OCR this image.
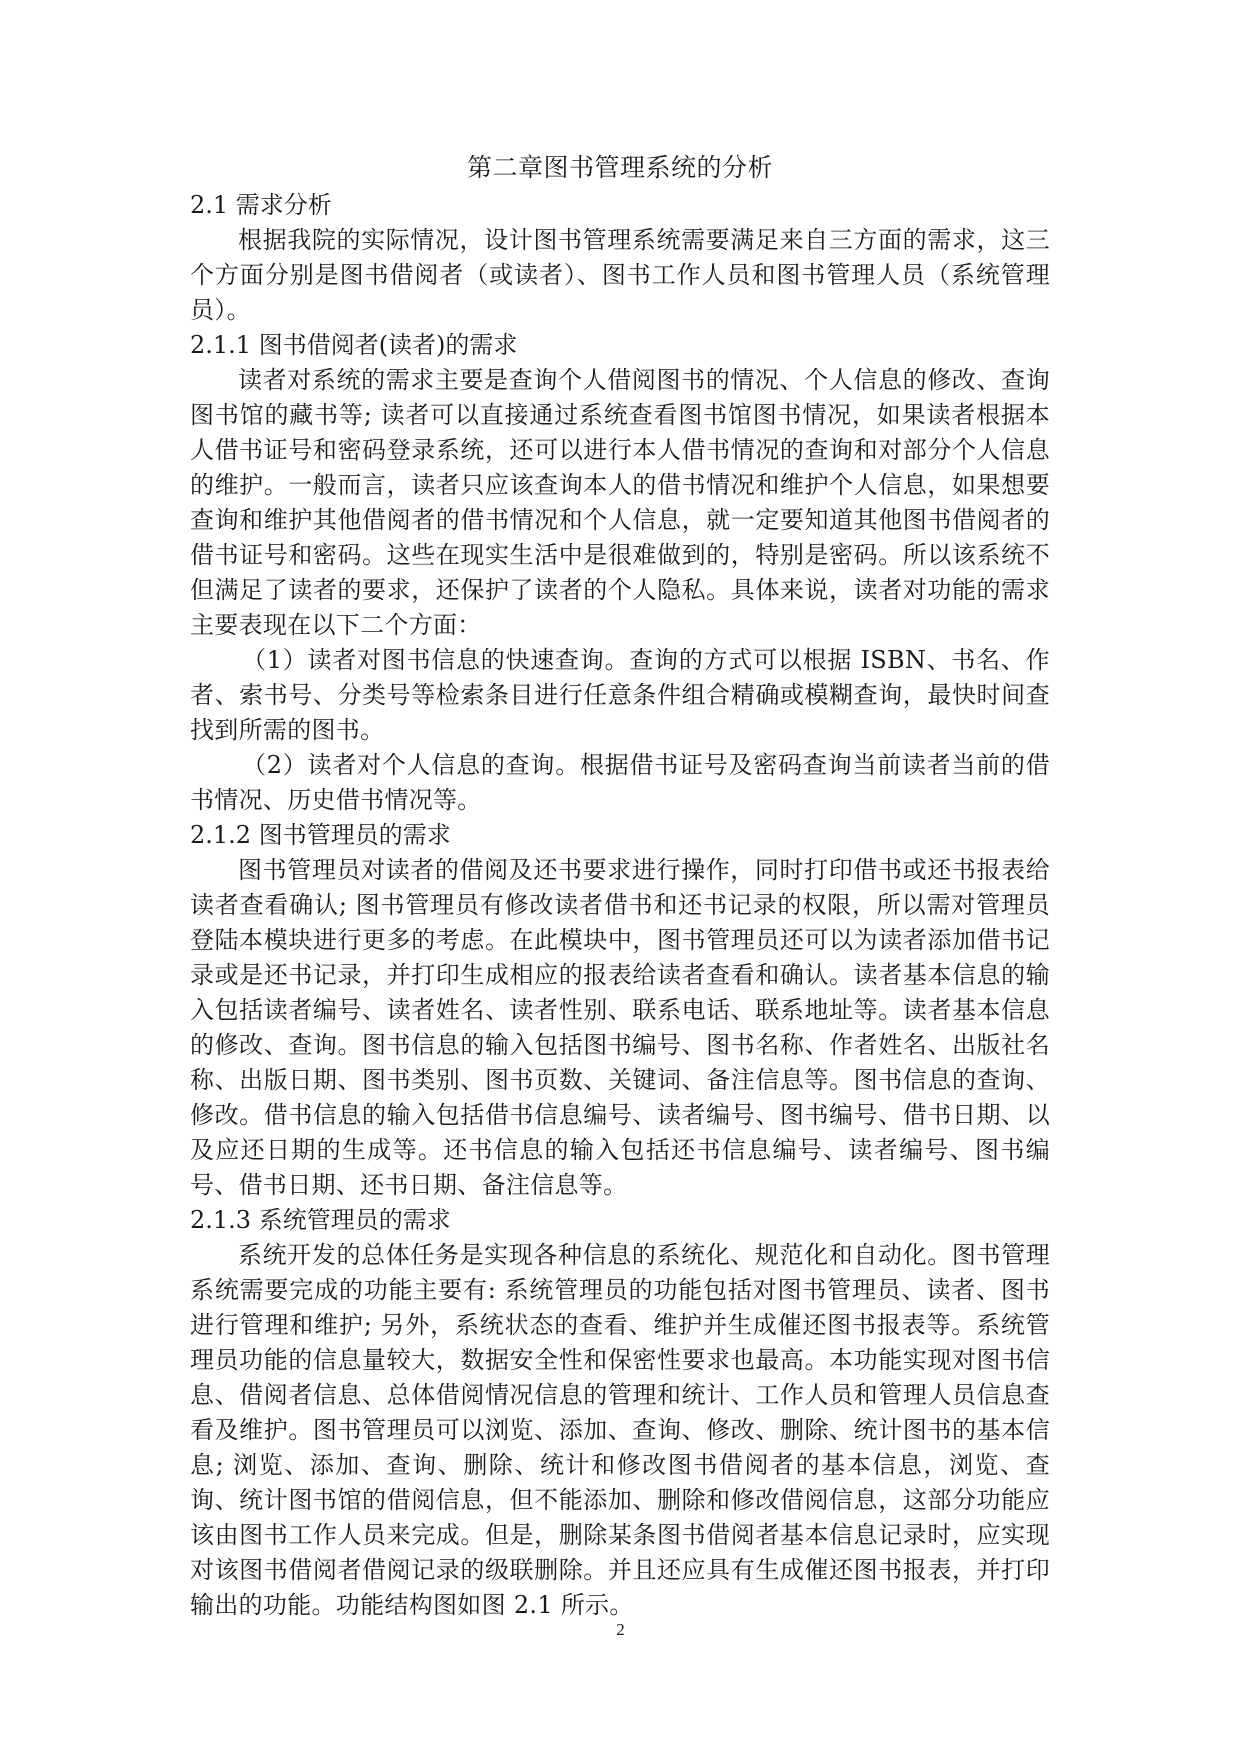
第二章图书管理系统的分析

2.1 需求分析

根据我院的实际情况，设计图书管理系统需要满足来自三方面的需求，这三个方面分别是图书借阅者（或读者）、图书工作人员和图书管理人员（系统管理员）。

2.1.1 图书借阅者(读者)的需求

读者对系统的需求主要是查询个人借阅图书的情况、个人信息的修改、查询图书馆的藏书等; 读者可以直接通过系统查看图书馆图书情况，如果读者根据本人借书证号和密码登录系统，还可以进行本人借书情况的查询和对部分个人信息的维护。一般而言，读者只应该查询本人的借书情况和维护个人信息，如果想要查询和维护其他借阅者的借书情况和个人信息，就一定要知道其他图书借阅者的借书证号和密码。这些在现实生活中是很难做到的，特别是密码。所以该系统不但满足了读者的要求，还保护了读者的个人隐私。具体来说，读者对功能的需求主要表现在以下二个方面：

（1）读者对图书信息的快速查询。查询的方式可以根据 ISBN、书名、作者、索书号、分类号等检索条目进行任意条件组合精确或模糊查询，最快时间查找到所需的图书。

（2）读者对个人信息的查询。根据借书证号及密码查询当前读者当前的借书情况、历史借书情况等。

2.1.2 图书管理员的需求

图书管理员对读者的借阅及还书要求进行操作，同时打印借书或还书报表给读者查看确认; 图书管理员有修改读者借书和还书记录的权限，所以需对管理员登陆本模块进行更多的考虑。在此模块中，图书管理员还可以为读者添加借书记录或是还书记录，并打印生成相应的报表给读者查看和确认。读者基本信息的输入包括读者编号、读者姓名、读者性别、联系电话、联系地址等。读者基本信息的修改、查询。图书信息的输入包括图书编号、图书名称、作者姓名、出版社名称、出版日期、图书类别、图书页数、关键词、备注信息等。图书信息的查询、修改。借书信息的输入包括借书信息编号、读者编号、图书编号、借书日期、以及应还日期的生成等。还书信息的输入包括还书信息编号、读者编号、图书编号、借书日期、还书日期、备注信息等。

2.1.3 系统管理员的需求

系统开发的总体任务是实现各种信息的系统化、规范化和自动化。图书管理系统需要完成的功能主要有: 系统管理员的功能包括对图书管理员、读者、图书进行管理和维护; 另外，系统状态的查看、维护并生成催还图书报表等。系统管理员功能的信息量较大，数据安全性和保密性要求也最高。本功能实现对图书信息、借阅者信息、总体借阅情况信息的管理和统计、工作人员和管理人员信息查看及维护。图书管理员可以浏览、添加、查询、修改、删除、统计图书的基本信息; 浏览、添加、查询、删除、统计和修改图书借阅者的基本信息，浏览、查询、统计图书馆的借阅信息，但不能添加、删除和修改借阅信息，这部分功能应该由图书工作人员来完成。但是，删除某条图书借阅者基本信息记录时，应实现对该图书借阅者借阅记录的级联删除。并且还应具有生成催还图书报表，并打印输出的功能。功能结构图如图 2.1 所示。

2
